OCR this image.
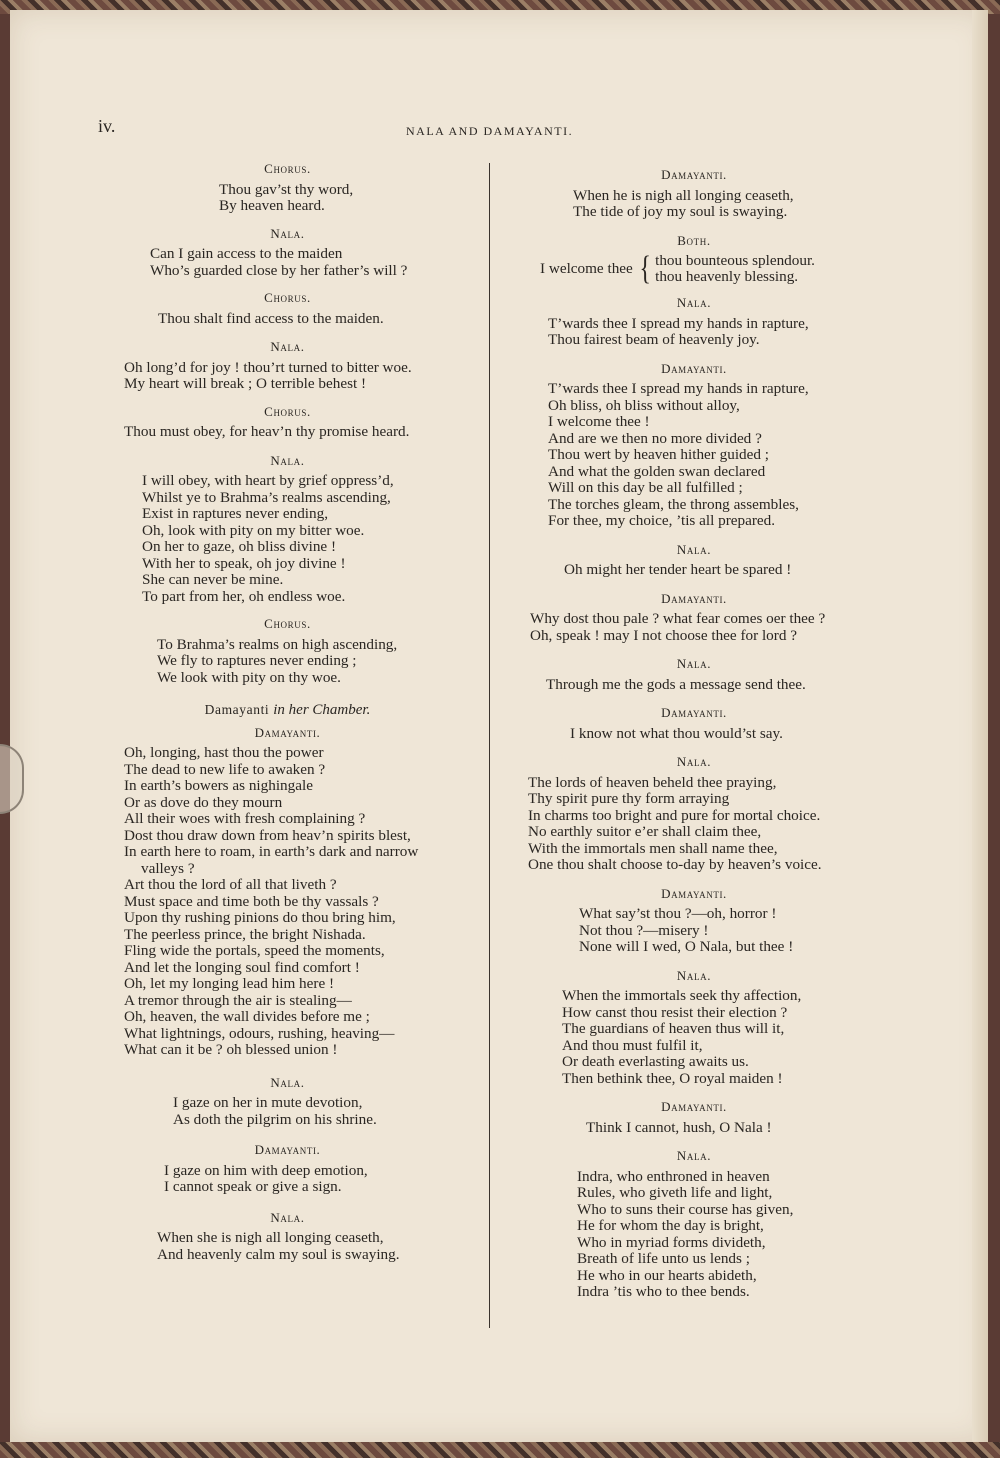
iv.	NALA AND DAMAYANTI.
Chorus.
Thou gav’st thy word,
By heaven heard.
Nala.
Can I gain access to the maiden
Who’s guarded close by her father’s will ?
Chorus.
Thou shalt find access to the maiden.
Nala.
Oh long’d for joy ! thou’rt turned to bitter woe.
My heart will break ; O terrible behest !
Chorus.
Thou must obey, for heav’n thy promise heard.
Nala.
I will obey, with heart by grief oppress’d,
Whilst ye to Brahma’s realms ascending,
Exist in raptures never ending,
Oh, look with pity on my bitter woe.
On her to gaze, oh bliss divine !
With her to speak, oh joy divine !
She can never be mine.
To part from her, oh endless woe.
Chorus.
To Brahma’s realms on high ascending,
We fly to raptures never ending ;
We look with pity on thy woe.
Damayanti in her Chamber.
Damayanti.
Oh, longing, hast thou the power
The dead to new life to awaken ?
In earth’s bowers as nighingale
Or as dove do they mourn
All their woes with fresh complaining ?
Dost thou draw down from heav’n spirits blest,
In earth here to roam, in earth’s dark and narrow
valleys ?
Art thou the lord of all that liveth ?
Must space and time both be thy vassals ?
Upon thy rushing pinions do thou bring him,
The peerless prince, the bright Nishada.
Fling wide the portals, speed the moments,
And let the longing soul find comfort !
Oh, let my longing lead him here !
A tremor through the air is stealing—
Oh, heaven, the wall divides before me ;
What lightnings, odours, rushing, heaving—
What can it be ? oh blessed union !
Nala.
I gaze on her in mute devotion,
As doth the pilgrim on his shrine.
Damayanti.
I gaze on him with deep emotion,
I cannot speak or give a sign.
Nala.
When she is nigh all longing ceaseth,
And heavenly calm my soul is swaying.
Damayanti.
When he is nigh all longing ceaseth,
The tide of joy my soul is swaying.
Both.
I welcome thee { thou bounteous splendour.
thou heavenly blessing.
Nala.
T’wards thee I spread my hands in rapture,
Thou fairest beam of heavenly joy.
Damayanti.
T’wards thee I spread my hands in rapture,
Oh bliss, oh bliss without alloy,
I welcome thee !
And are we then no more divided ?
Thou wert by heaven hither guided ;
And what the golden swan declared
Will on this day be all fulfilled ;
The torches gleam, the throng assembles,
For thee, my choice, ’tis all prepared.
Nala.
Oh might her tender heart be spared !
Damayanti.
Why dost thou pale ? what fear comes oer thee ?
Oh, speak ! may I not choose thee for lord ?
Nala.
Through me the gods a message send thee.
Damayanti.
I know not what thou would’st say.
Nala.
The lords of heaven beheld thee praying,
Thy spirit pure thy form arraying
In charms too bright and pure for mortal choice.
No earthly suitor e’er shall claim thee,
With the immortals men shall name thee,
One thou shalt choose to-day by heaven’s voice.
Damayanti.
What say’st thou ?—oh, horror !
Not thou ?—misery !
None will I wed, O Nala, but thee !
Nala.
When the immortals seek thy affection,
How canst thou resist their election ?
The guardians of heaven thus will it,
And thou must fulfil it,
Or death everlasting awaits us.
Then bethink thee, O royal maiden !
Damayanti.
Think I cannot, hush, O Nala !
Nala.
Indra, who enthroned in heaven
Rules, who giveth life and light,
Who to suns their course has given,
He for whom the day is bright,
Who in myriad forms divideth,
Breath of life unto us lends ;
He who in our hearts abideth,
Indra ’tis who to thee bends.
